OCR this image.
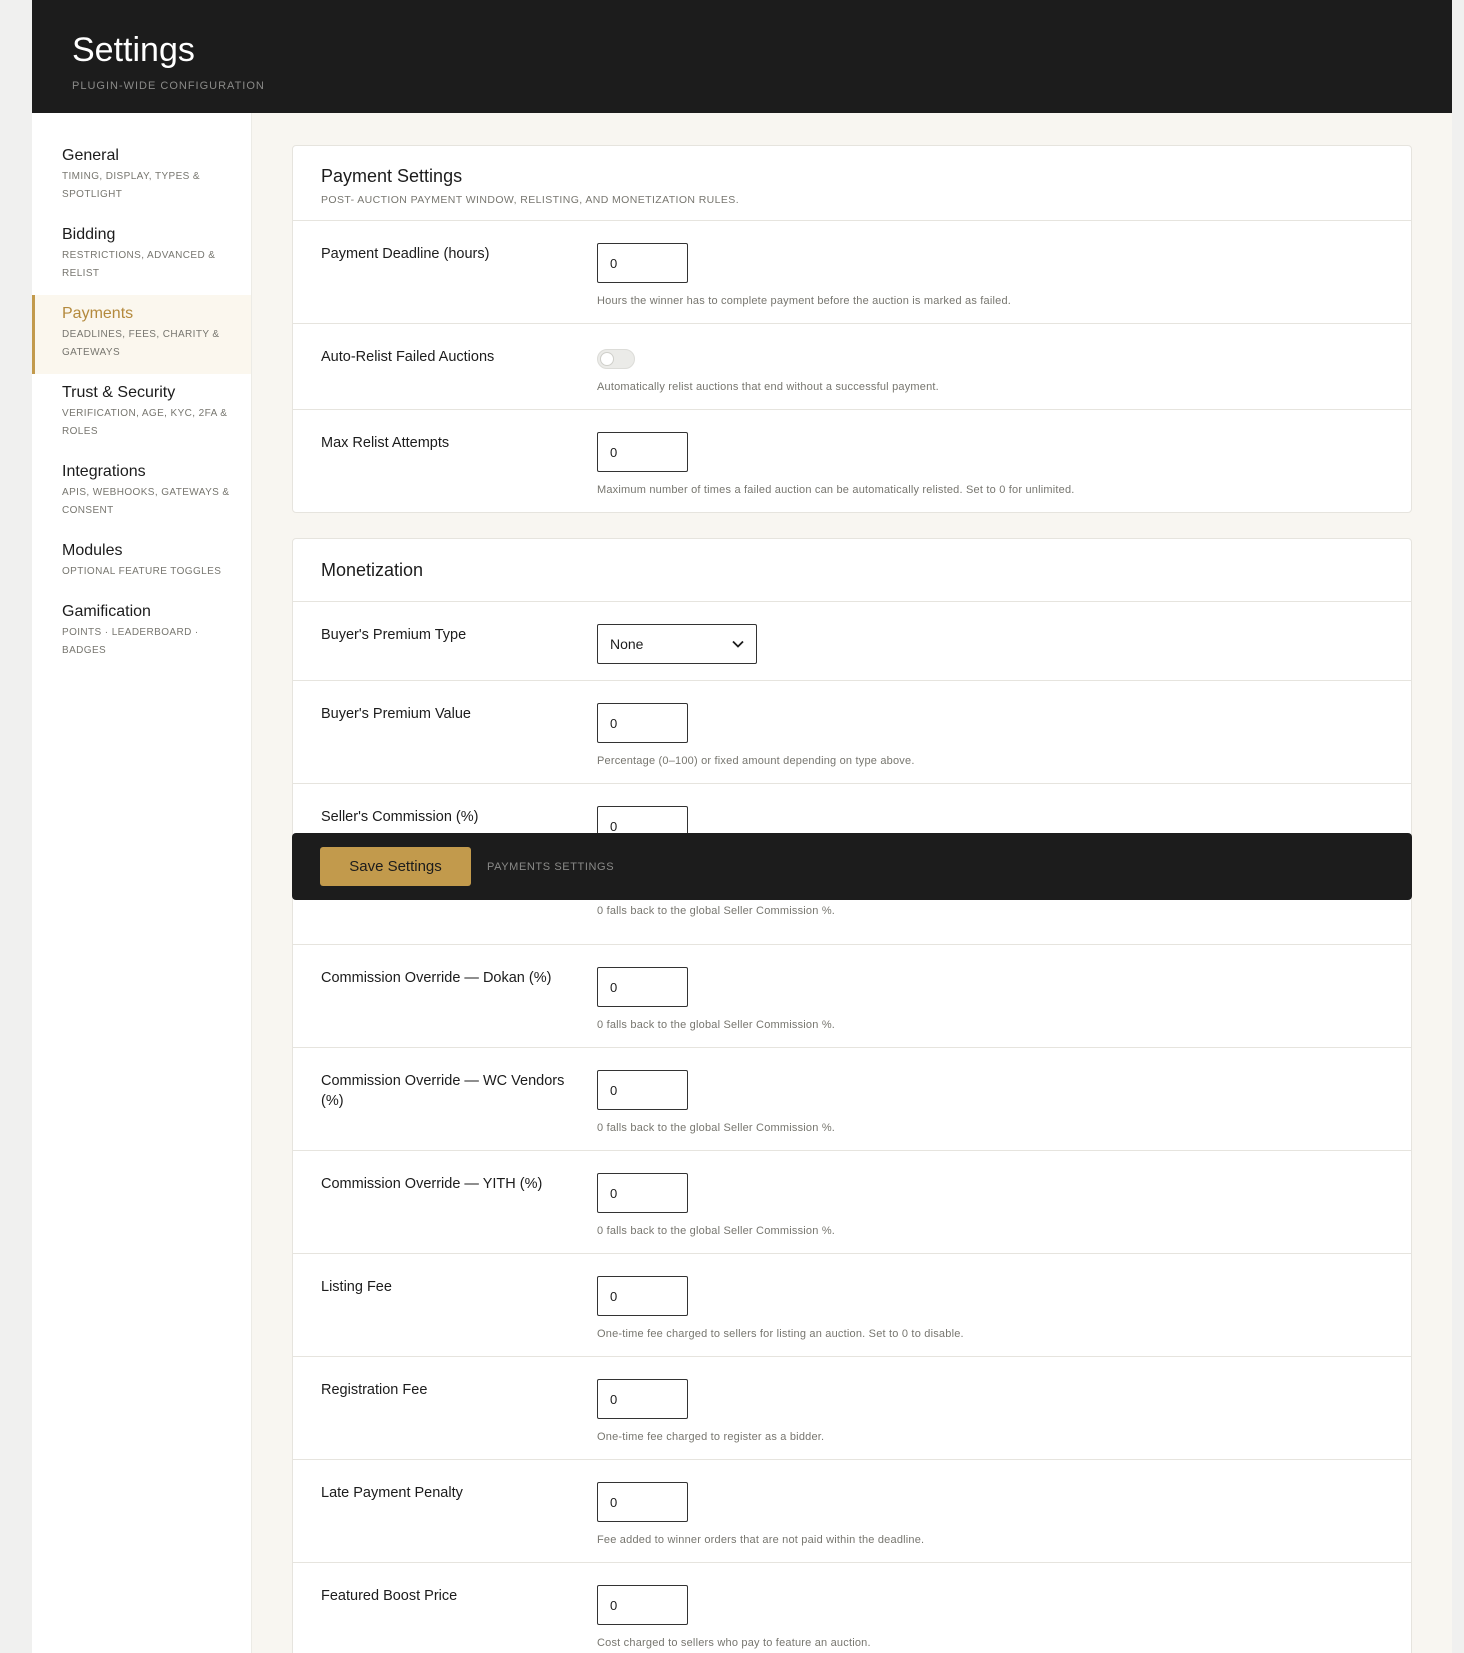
Settings
PLUGIN-WIDE CONFIGURATION
General
TIMING, DISPLAY, TYPES & SPOTLIGHT
Bidding
RESTRICTIONS, ADVANCED & RELIST
Payments
DEADLINES, FEES, CHARITY & GATEWAYS
Trust & Security
VERIFICATION, AGE, KYC, 2FA & ROLES
Integrations
APIS, WEBHOOKS, GATEWAYS & CONSENT
Modules
OPTIONAL FEATURE TOGGLES
Gamification
POINTS · LEADERBOARD · BADGES
Payment Settings
POST- AUCTION PAYMENT WINDOW, RELISTING, AND MONETIZATION RULES.
Payment Deadline (hours)
0
Hours the winner has to complete payment before the auction is marked as failed.
Auto-Relist Failed Auctions
Automatically relist auctions that end without a successful payment.
Max Relist Attempts
0
Maximum number of times a failed auction can be automatically relisted. Set to 0 for unlimited.
Monetization
Buyer's Premium Type
None
Buyer's Premium Value
0
Percentage (0–100) or fixed amount depending on type above.
Seller's Commission (%)
0
0 falls back to the global Seller Commission %.
Commission Override — Dokan (%)
0
0 falls back to the global Seller Commission %.
Commission Override — WC Vendors (%)
0
0 falls back to the global Seller Commission %.
Commission Override — YITH (%)
0
0 falls back to the global Seller Commission %.
Listing Fee
0
One-time fee charged to sellers for listing an auction. Set to 0 to disable.
Registration Fee
0
One-time fee charged to register as a bidder.
Late Payment Penalty
0
Fee added to winner orders that are not paid within the deadline.
Featured Boost Price
0
Cost charged to sellers who pay to feature an auction.
Save Settings	PAYMENTS SETTINGS
